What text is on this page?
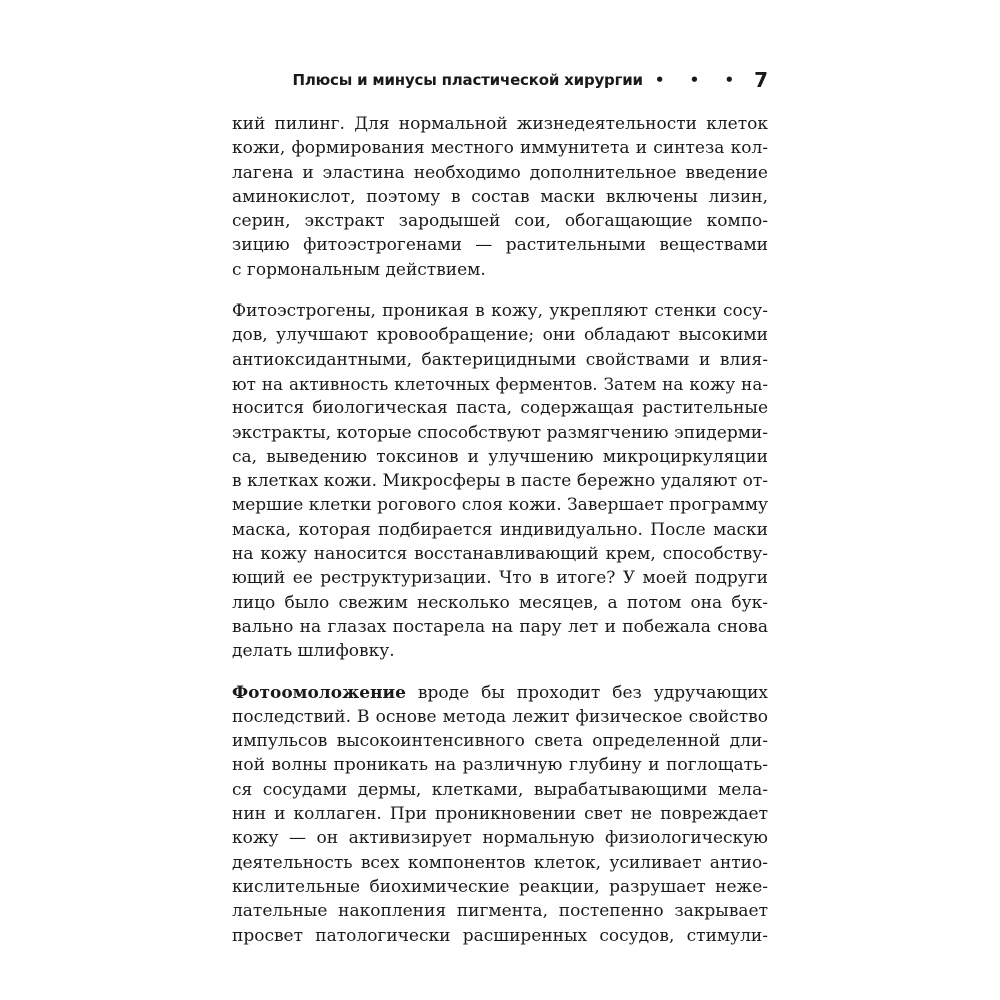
Плюсы и минусы пластической хирургии • • • 7
кий пилинг. Для нормальной жизнедеятельности клеток
кожи, формирования местного иммунитета и синтеза кол-
лагена и эластина необходимо дополнительное введение
аминокислот, поэтому в состав маски включены лизин,
серин, экстракт зародышей сои, обогащающие компо-
зицию фитоэстрогенами — растительными веществами
с гормональным действием.
Фитоэстрогены, проникая в кожу, укрепляют стенки сосу-
дов, улучшают кровообращение; они обладают высокими
антиоксидантными, бактерицидными свойствами и влия-
ют на активность клеточных ферментов. Затем на кожу на-
носится биологическая паста, содержащая растительные
экстракты, которые способствуют размягчению эпидерми-
са, выведению токсинов и улучшению микроциркуляции
в клетках кожи. Микросферы в пасте бережно удаляют от-
мершие клетки рогового слоя кожи. Завершает программу
маска, которая подбирается индивидуально. После маски
на кожу наносится восстанавливающий крем, способству-
ющий ее реструктуризации. Что в итоге? У моей подруги
лицо было свежим несколько месяцев, а потом она бук-
вально на глазах постарела на пару лет и побежала снова
делать шлифовку.
Фотоомоложение вроде бы проходит без удручающих
последствий. В основе метода лежит физическое свойство
импульсов высокоинтенсивного света определенной дли-
ной волны проникать на различную глубину и поглощать-
ся сосудами дермы, клетками, вырабатывающими мела-
нин и коллаген. При проникновении свет не повреждает
кожу — он активизирует нормальную физиологическую
деятельность всех компонентов клеток, усиливает антио-
кислительные биохимические реакции, разрушает неже-
лательные накопления пигмента, постепенно закрывает
просвет патологически расширенных сосудов, стимули-
